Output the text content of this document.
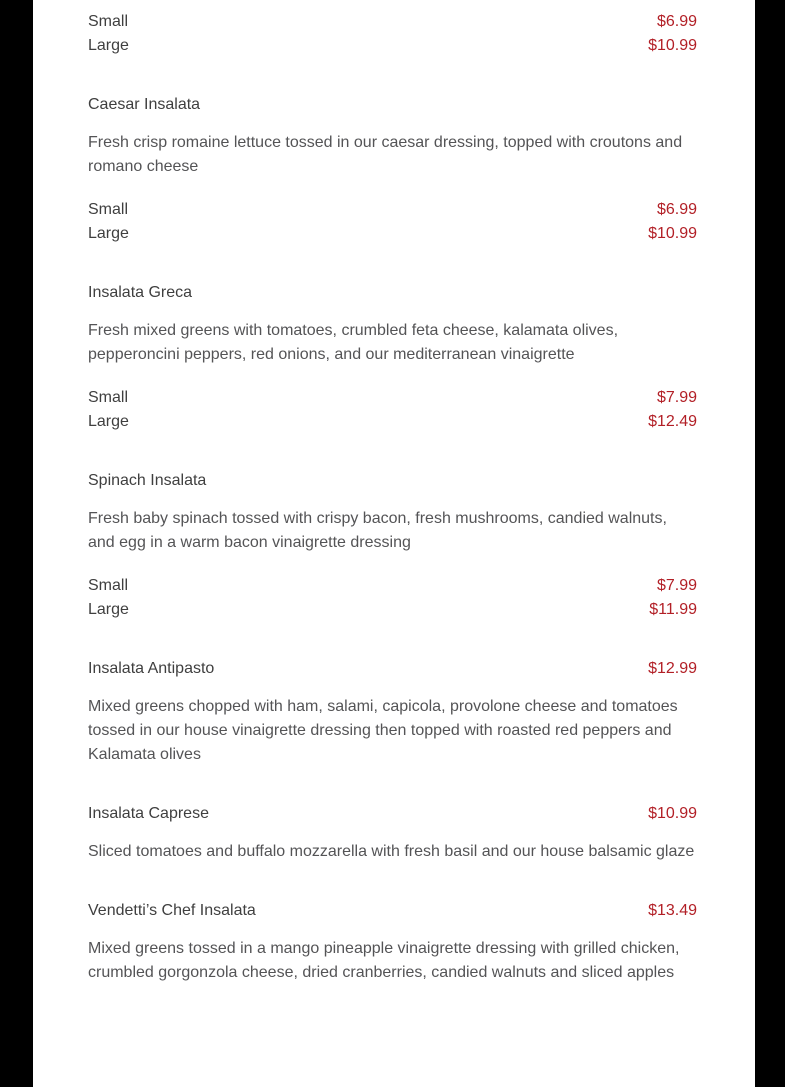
Small	$6.99
Large	$10.99
Caesar Insalata

Fresh crisp romaine lettuce tossed in our caesar dressing, topped with croutons and romano cheese

Small	$6.99
Large	$10.99
Insalata Greca

Fresh mixed greens with tomatoes, crumbled feta cheese, kalamata olives, pepperoncini peppers, red onions, and our mediterranean vinaigrette

Small	$7.99
Large	$12.49
Spinach Insalata

Fresh baby spinach tossed with crispy bacon, fresh mushrooms, candied walnuts, and egg in a warm bacon vinaigrette dressing

Small	$7.99
Large	$11.99
Insalata Antipasto	$12.99

Mixed greens chopped with ham, salami, capicola, provolone cheese and tomatoes tossed in our house vinaigrette dressing then topped with roasted red peppers and Kalamata olives

Insalata Caprese	$10.99

Sliced tomatoes and buffalo mozzarella with fresh basil and our house balsamic glaze

Vendetti’s Chef Insalata	$13.49

Mixed greens tossed in a mango pineapple vinaigrette dressing with grilled chicken, crumbled gorgonzola cheese, dried cranberries, candied walnuts and sliced apples
